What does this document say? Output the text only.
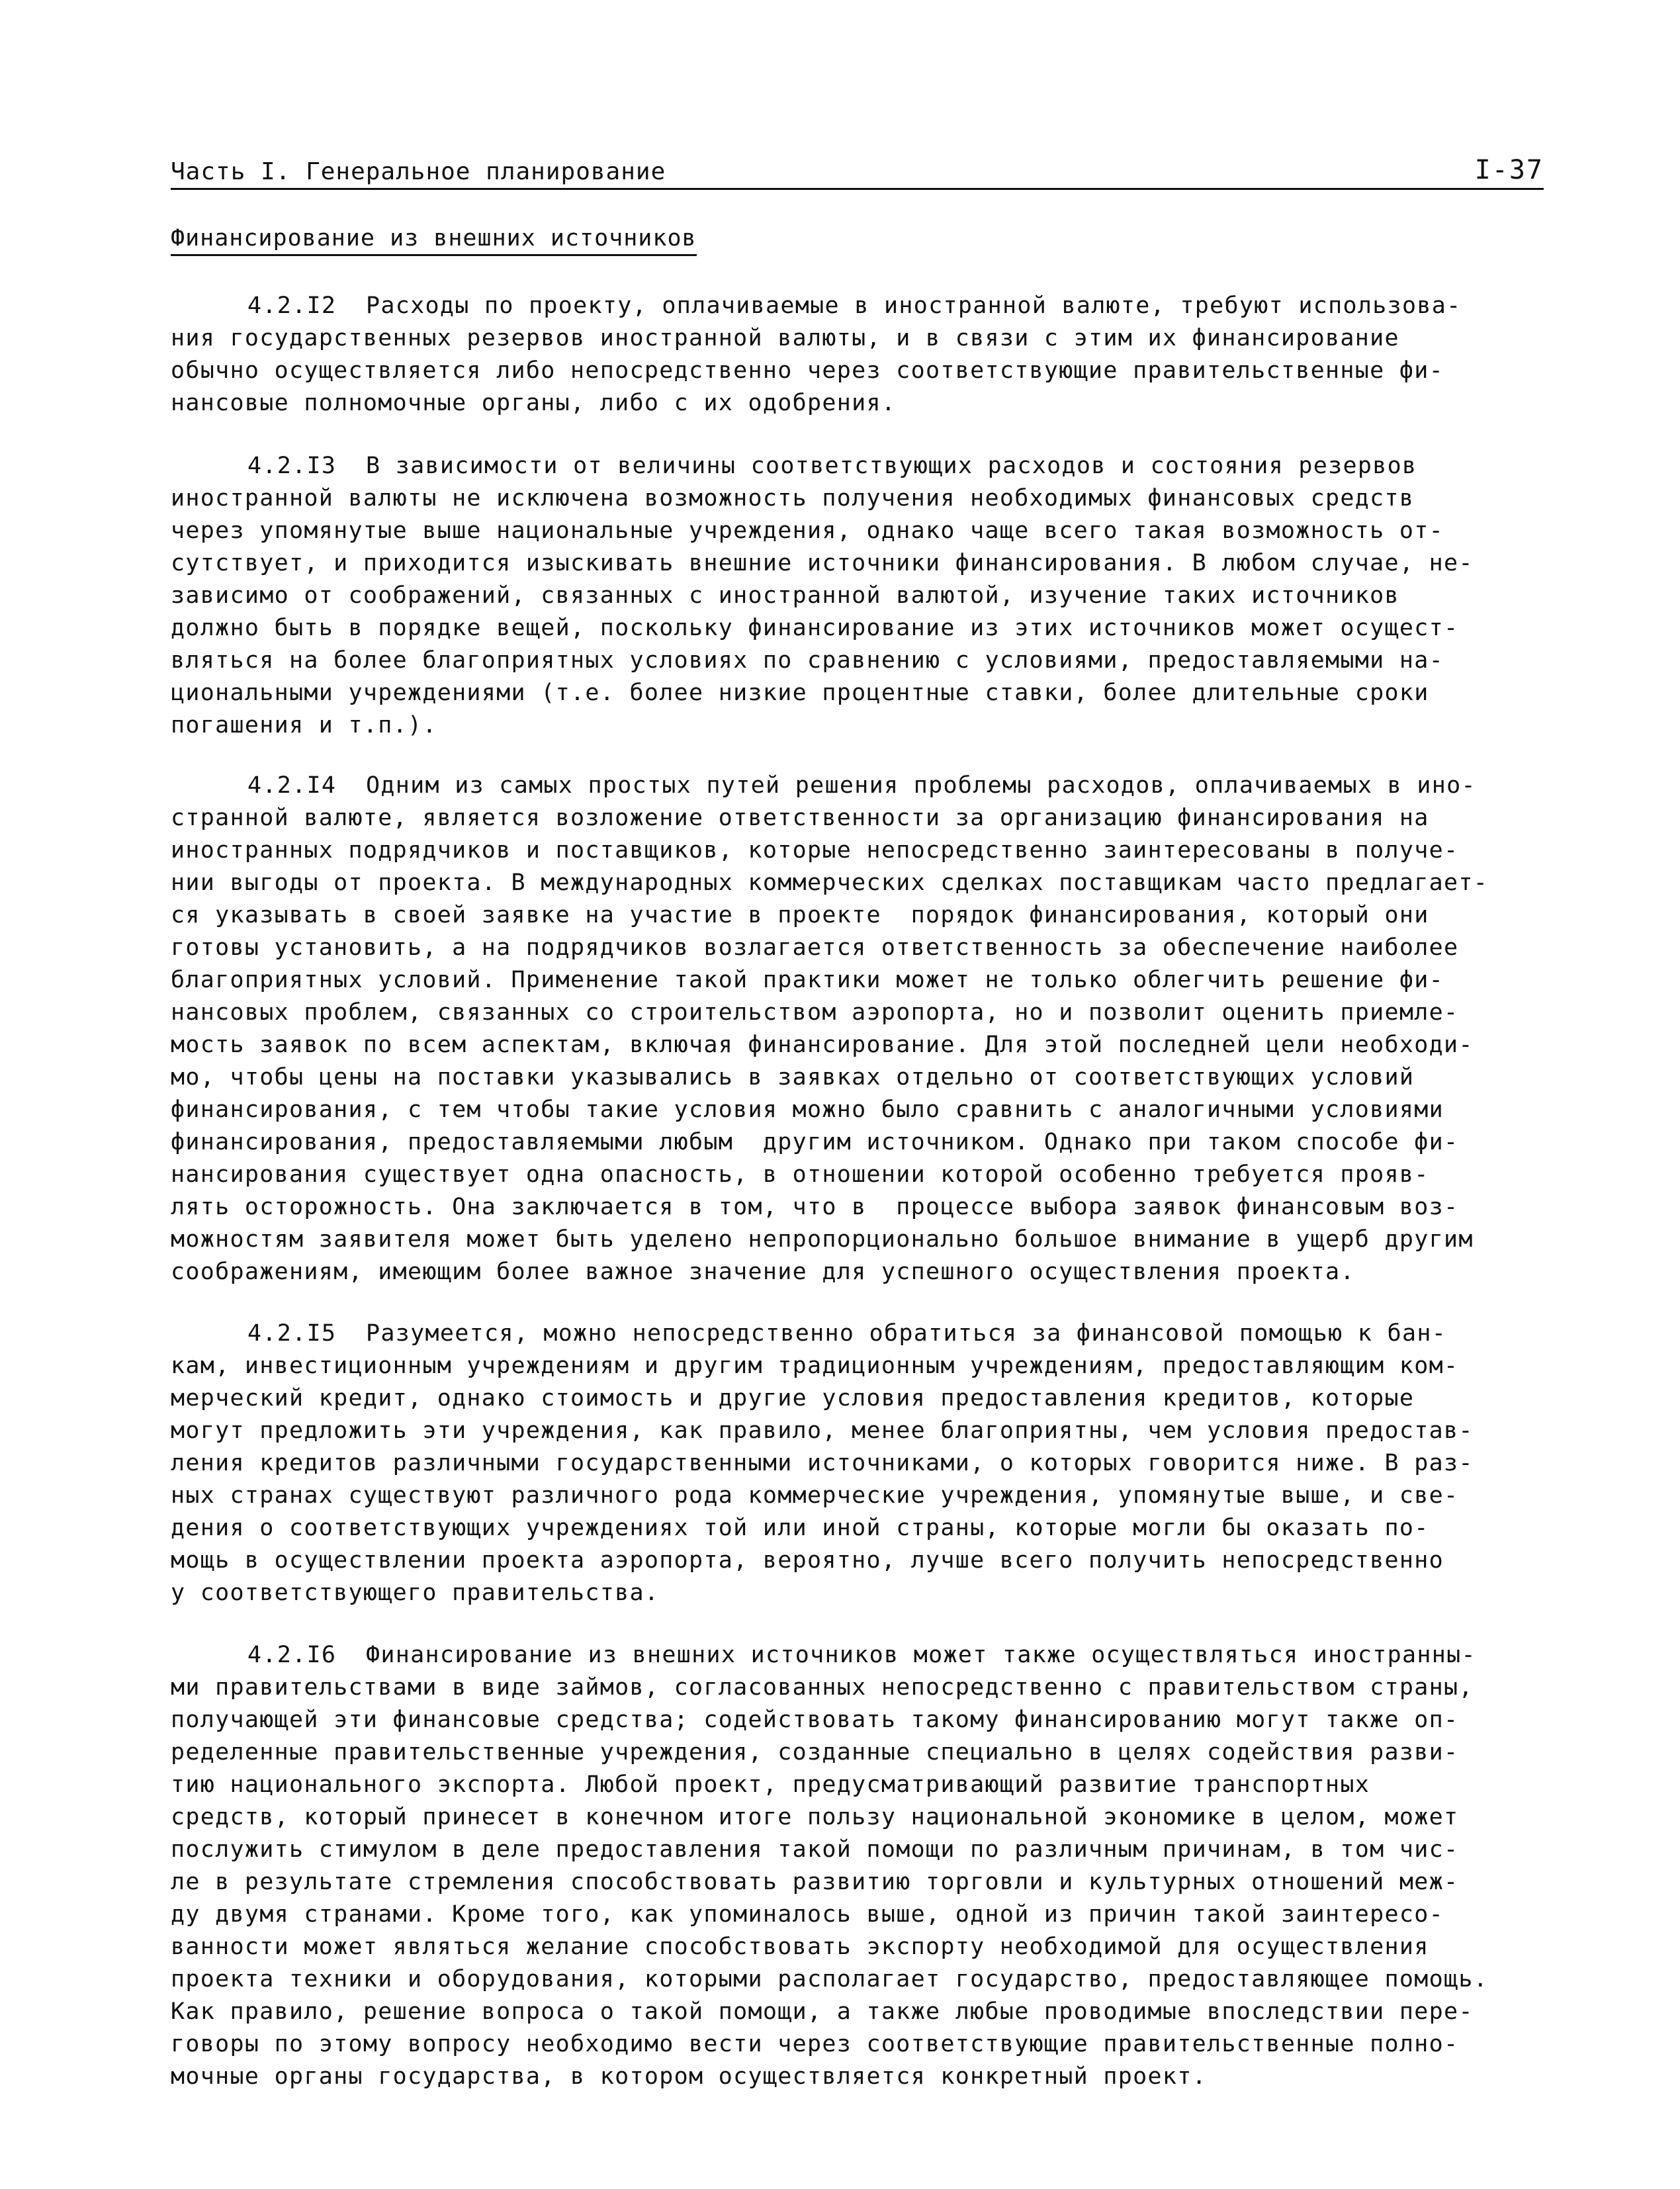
Часть I. Генеральное планирование	I-37
Финансирование из внешних источников
4.2.I2  Расходы по проекту, оплачиваемые в иностранной валюте, требуют использова-
ния государственных резервов иностранной валюты, и в связи с этим их финансирование
обычно осуществляется либо непосредственно через соответствующие правительственные фи-
нансовые полномочные органы, либо с их одобрения.
4.2.I3  В зависимости от величины соответствующих расходов и состояния резервов
иностранной валюты не исключена возможность получения необходимых финансовых средств
через упомянутые выше национальные учреждения, однако чаще всего такая возможность от-
сутствует, и приходится изыскивать внешние источники финансирования. В любом случае, не-
зависимо от соображений, связанных с иностранной валютой, изучение таких источников
должно быть в порядке вещей, поскольку финансирование из этих источников может осущест-
вляться на более благоприятных условиях по сравнению с условиями, предоставляемыми на-
циональными учреждениями (т.е. более низкие процентные ставки, более длительные сроки
погашения и т.п.).
4.2.I4  Одним из самых простых путей решения проблемы расходов, оплачиваемых в ино-
странной валюте, является возложение ответственности за организацию финансирования на
иностранных подрядчиков и поставщиков, которые непосредственно заинтересованы в получе-
нии выгоды от проекта. В международных коммерческих сделках поставщикам часто предлагает-
ся указывать в своей заявке на участие в проекте  порядок финансирования, который они
готовы установить, а на подрядчиков возлагается ответственность за обеспечение наиболее
благоприятных условий. Применение такой практики может не только облегчить решение фи-
нансовых проблем, связанных со строительством аэропорта, но и позволит оценить приемле-
мость заявок по всем аспектам, включая финансирование. Для этой последней цели необходи-
мо, чтобы цены на поставки указывались в заявках отдельно от соответствующих условий
финансирования, с тем чтобы такие условия можно было сравнить с аналогичными условиями
финансирования, предоставляемыми любым  другим источником. Однако при таком способе фи-
нансирования существует одна опасность, в отношении которой особенно требуется прояв-
лять осторожность. Она заключается в том, что в  процессе выбора заявок финансовым воз-
можностям заявителя может быть уделено непропорционально большое внимание в ущерб другим
соображениям, имеющим более важное значение для успешного осуществления проекта.
4.2.I5  Разумеется, можно непосредственно обратиться за финансовой помощью к бан-
кам, инвестиционным учреждениям и другим традиционным учреждениям, предоставляющим ком-
мерческий кредит, однако стоимость и другие условия предоставления кредитов, которые
могут предложить эти учреждения, как правило, менее благоприятны, чем условия предостав-
ления кредитов различными государственными источниками, о которых говорится ниже. В раз-
ных странах существуют различного рода коммерческие учреждения, упомянутые выше, и све-
дения о соответствующих учреждениях той или иной страны, которые могли бы оказать по-
мощь в осуществлении проекта аэропорта, вероятно, лучше всего получить непосредственно
у соответствующего правительства.
4.2.I6  Финансирование из внешних источников может также осуществляться иностранны-
ми правительствами в виде займов, согласованных непосредственно с правительством страны,
получающей эти финансовые средства; содействовать такому финансированию могут также оп-
ределенные правительственные учреждения, созданные специально в целях содействия разви-
тию национального экспорта. Любой проект, предусматривающий развитие транспортных
средств, который принесет в конечном итоге пользу национальной экономике в целом, может
послужить стимулом в деле предоставления такой помощи по различным причинам, в том чис-
ле в результате стремления способствовать развитию торговли и культурных отношений меж-
ду двумя странами. Кроме того, как упоминалось выше, одной из причин такой заинтересо-
ванности может являться желание способствовать экспорту необходимой для осуществления
проекта техники и оборудования, которыми располагает государство, предоставляющее помощь.
Как правило, решение вопроса о такой помощи, а также любые проводимые впоследствии пере-
говоры по этому вопросу необходимо вести через соответствующие правительственные полно-
мочные органы государства, в котором осуществляется конкретный проект.
